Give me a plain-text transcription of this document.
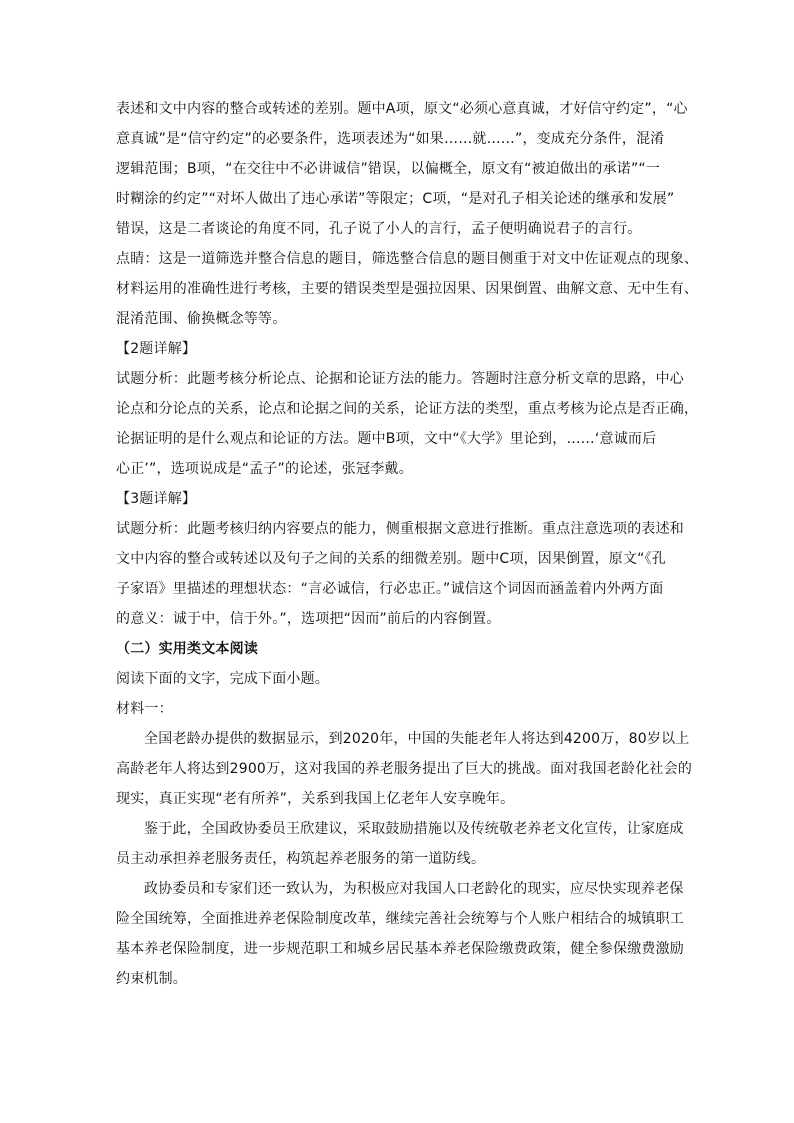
表述和文中内容的整合或转述的差别。题中A项，原文“必须心意真诚，才好信守约定”，“心
意真诚”是“信守约定”的必要条件，选项表述为“如果……就……”，变成充分条件，混淆
逻辑范围；B项，“在交往中不必讲诚信”错误，以偏概全，原文有“被迫做出的承诺”“一
时糊涂的约定”“对坏人做出了违心承诺”等限定；C项，“是对孔子相关论述的继承和发展”
错误，这是二者谈论的角度不同，孔子说了小人的言行，孟子便明确说君子的言行。
点睛：这是一道筛选并整合信息的题目，筛选整合信息的题目侧重于对文中佐证观点的现象、
材料运用的准确性进行考核，主要的错误类型是强拉因果、因果倒置、曲解文意、无中生有、
混淆范围、偷换概念等等。
【2题详解】
试题分析：此题考核分析论点、论据和论证方法的能力。答题时注意分析文章的思路，中心
论点和分论点的关系，论点和论据之间的关系，论证方法的类型，重点考核为论点是否正确，
论据证明的是什么观点和论证的方法。题中B项，文中“《大学》里论到，……‘意诚而后
心正’”，选项说成是“孟子”的论述，张冠李戴。
【3题详解】
试题分析：此题考核归纳内容要点的能力，侧重根据文意进行推断。重点注意选项的表述和
文中内容的整合或转述以及句子之间的关系的细微差别。题中C项，因果倒置，原文“《孔
子家语》里描述的理想状态：“言必诚信，行必忠正。”诚信这个词因而涵盖着内外两方面
的意义：诚于中，信于外。”，选项把“因而”前后的内容倒置。
（二）实用类文本阅读
阅读下面的文字，完成下面小题。
材料一：
全国老龄办提供的数据显示，到2020年，中国的失能老年人将达到4200万，80岁以上
高龄老年人将达到2900万，这对我国的养老服务提出了巨大的挑战。面对我国老龄化社会的
现实，真正实现“老有所养”，关系到我国上亿老年人安享晚年。
鉴于此，全国政协委员王欣建议，采取鼓励措施以及传统敬老养老文化宣传，让家庭成
员主动承担养老服务责任，构筑起养老服务的第一道防线。
政协委员和专家们还一致认为，为积极应对我国人口老龄化的现实，应尽快实现养老保
险全国统筹，全面推进养老保险制度改革，继续完善社会统筹与个人账户相结合的城镇职工
基本养老保险制度，进一步规范职工和城乡居民基本养老保险缴费政策，健全参保缴费激励
约束机制。
